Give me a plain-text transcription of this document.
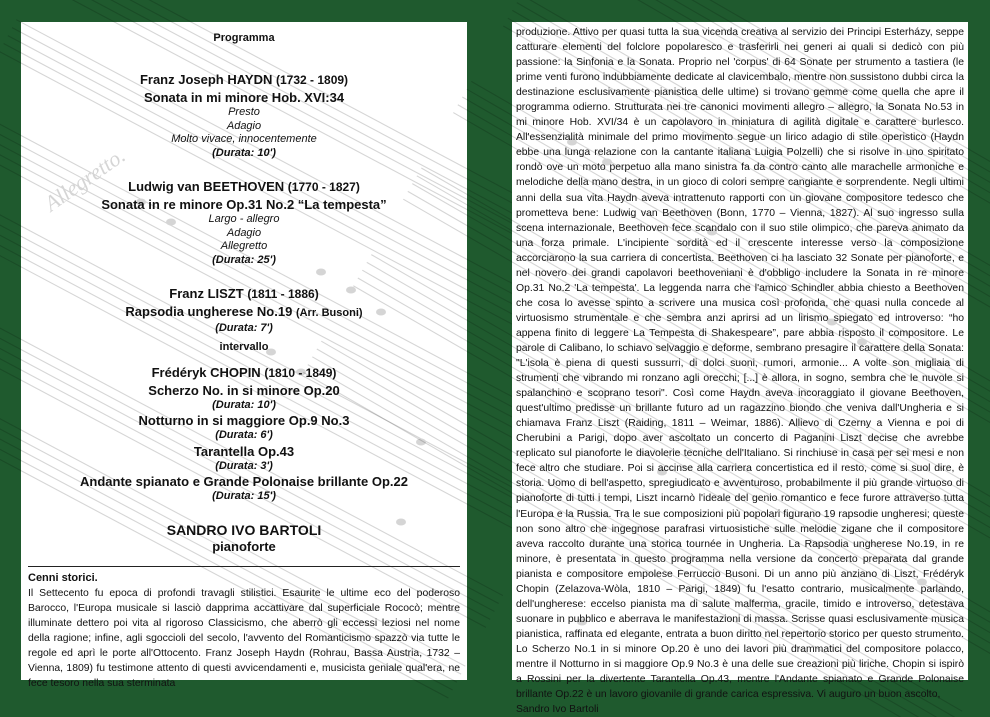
Allegretto.
Programma
Franz Joseph HAYDN (1732 - 1809)
Sonata in mi minore Hob. XVI:34
Presto
Adagio
Molto vivace, innocentemente
(Durata: 10')
Ludwig van BEETHOVEN (1770 - 1827)
Sonata in re minore Op.31 No.2 “La tempesta”
Largo - allegro
Adagio
Allegretto
(Durata: 25')
Franz LISZT (1811 - 1886)
Rapsodia ungherese No.19 (Arr. Busoni)
(Durata: 7')
intervallo
Frédéryk CHOPIN (1810 - 1849)
Scherzo No. in si minore Op.20
(Durata: 10')
Notturno in si maggiore Op.9 No.3
(Durata: 6')
Tarantella Op.43
(Durata: 3')
Andante spianato e Grande Polonaise brillante Op.22
(Durata: 15')
SANDRO IVO BARTOLI
pianoforte
Cenni storici.
Il Settecento fu epoca di profondi travagli stilistici. Esaurite le ultime eco del poderoso Barocco, l'Europa musicale si lasciò dapprima accattivare dal superficiale Rococò; mentre illuminate dettero poi vita al rigoroso Classicismo, che aberrò gli eccessi leziosi nel nome della ragione; infine, agli sgoccioli del secolo, l'avvento del Romanticismo spazzò via tutte le regole ed aprì le porte all'Ottocento. Franz Joseph Haydn (Rohrau, Bassa Austria, 1732 – Vienna, 1809) fu testimone attento di questi avvicendamenti e, musicista geniale qual'era, ne fece tesoro nella sua sterminata

produzione. Attivo per quasi tutta la sua vicenda creativa al servizio dei Principi Esterházy, seppe catturare elementi del folclore popolaresco e trasferirli nei generi ai quali si dedicò con più passione: la Sinfonia e la Sonata. Proprio nel 'corpus' di 64 Sonate per strumento a tastiera (le prime venti furono indubbiamente dedicate al clavicembalo, mentre non sussistono dubbi circa la destinazione esclusivamente pianistica delle ultime) si trovano gemme come quella che apre il programma odierno. Strutturata nei tre canonici movimenti allegro – allegro, la Sonata No.53 in mi minore Hob. XVI/34 è un capolavoro in miniatura di agilità digitale e carattere burlesco. All'essenzialità minimale del primo movimento segue un lirico adagio di stile operistico (Haydn ebbe una lunga relazione con la cantante italiana Luigia Polzelli) che si risolve in uno spiritato rondò ove un moto perpetuo alla mano sinistra fa da contro canto alle marachelle armoniche e melodiche della mano destra, in un gioco di colori sempre cangiante e sorprendente. Negli ultimi anni della sua vita Haydn aveva intrattenuto rapporti con un giovane compositore tedesco che prometteva bene: Ludwig van Beethoven (Bonn, 1770 – Vienna, 1827). Al suo ingresso sulla scena internazionale, Beethoven fece scandalo con il suo stile olimpico, che pareva animato da una forza primale. L'incipiente sordità ed il crescente interesse verso la composizione accorciarono la sua carriera di concertista. Beethoven ci ha lasciato 32 Sonate per pianoforte, e nel novero dei grandi capolavori beethoveniani è d'obbligo includere la Sonata in re minore Op.31 No.2 'La tempesta'. La leggenda narra che l'amico Schindler abbia chiesto a Beethoven che cosa lo avesse spinto a scrivere una musica così profonda, che quasi nulla concede al virtuosismo strumentale e che sembra anzi aprirsi ad un lirismo spiegato ed introverso: “ho appena finito di leggere La Tempesta di Shakespeare”, pare abbia risposto il compositore. Le parole di Calibano, lo schiavo selvaggio e deforme, sembrano presagire il carattere della Sonata: "L'isola è piena di questi sussurri, di dolci suoni, rumori, armonie... A volte son migliaia di strumenti che vibrando mi ronzano agli orecchi; [...] è allora, in sogno, sembra che le nuvole si spalanchino e scoprano tesori". Così come Haydn aveva incoraggiato il giovane Beethoven, quest'ultimo predisse un brillante futuro ad un ragazzino biondo che veniva dall'Ungheria e si chiamava Franz Liszt (Raiding, 1811 – Weimar, 1886). Allievo di Czerny a Vienna e poi di Cherubini a Parigi, dopo aver ascoltato un concerto di Paganini Liszt decise che avrebbe replicato sul pianoforte le diavolerie tecniche dell'Italiano. Si rinchiuse in casa per sei mesi e non fece altro che studiare. Poi si accinse alla carriera concertistica ed il resto, come si suol dire, è storia. Uomo di bell'aspetto, spregiudicato e avventuroso, probabilmente il più grande virtuoso di pianoforte di tutti i tempi, Liszt incarnò l'ideale del genio romantico e fece furore attraverso tutta l'Europa e la Russia. Tra le sue composizioni più popolari figurano 19 rapsodie ungheresi; queste non sono altro che ingegnose parafrasi virtuosistiche sulle melodie zigane che il compositore aveva raccolto durante una storica tournée in Ungheria. La Rapsodia ungherese No.19, in re minore, è presentata in questo programma nella versione da concerto preparata dal grande pianista e compositore empolese Ferruccio Busoni. Di un anno più anziano di Liszt, Frédéryk Chopin (Zelazova-Wòla, 1810 – Parigi, 1849) fu l'esatto contrario, musicalmente parlando, dell'ungherese: eccelso pianista ma di salute malferma, gracile, timido e introverso, detestava suonare in pubblico e aberrava le manifestazioni di massa. Scrisse quasi esclusivamente musica pianistica, raffinata ed elegante, entrata a buon diritto nel repertorio storico per questo strumento. Lo Scherzo No.1 in si minore Op.20 è uno dei lavori più drammatici del compositore polacco, mentre il Notturno in si maggiore Op.9 No.3 è una delle sue creazioni più liriche. Chopin si ispirò a Rossini per la divertente Tarantella Op.43, mentre l'Andante spianato e Grande Polonaise brillante Op.22 è un lavoro giovanile di grande carica espressiva. Vi auguro un buon ascolto,

Sandro Ivo Bartoli
